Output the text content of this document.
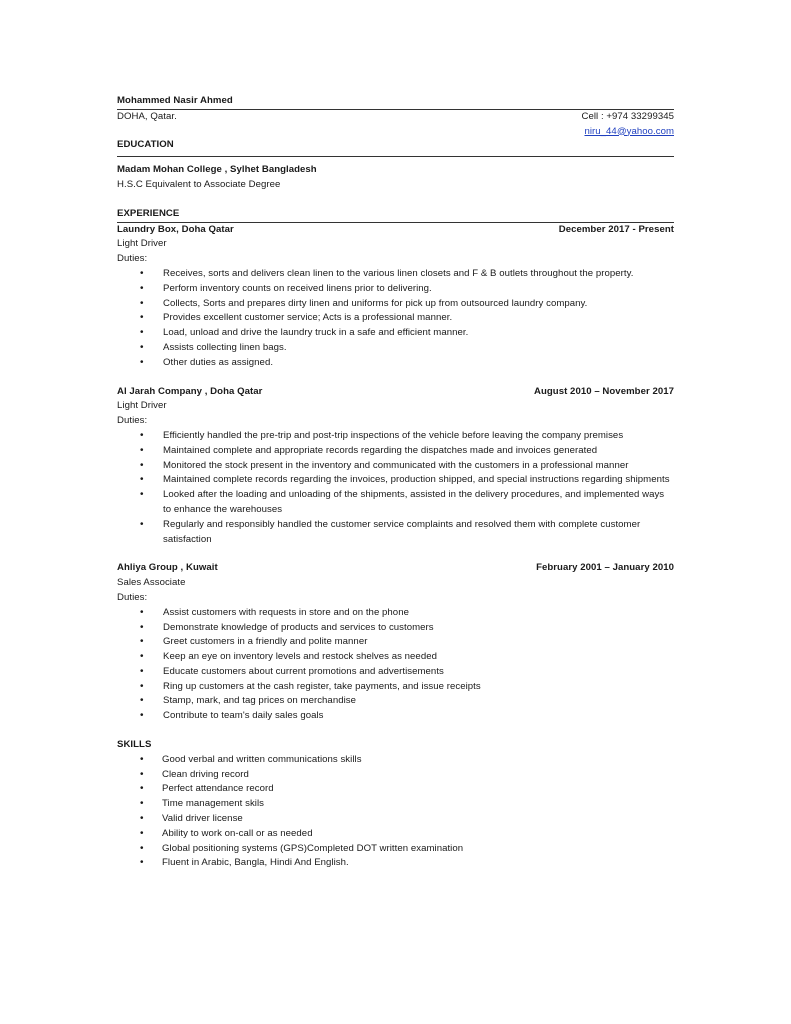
Mohammed Nasir Ahmed
DOHA, Qatar.	Cell : +974 33299345
niru_44@yahoo.com
EDUCATION
Madam Mohan College , Sylhet Bangladesh
H.S.C Equivalent to Associate Degree
EXPERIENCE
Laundry Box, Doha Qatar	December 2017 - Present
Light Driver
Duties:
• Receives, sorts and delivers clean linen to the various linen closets and F & B outlets throughout the property.
• Perform inventory counts on received linens prior to delivering.
• Collects, Sorts and prepares dirty linen and uniforms for pick up from outsourced laundry company.
• Provides excellent customer service; Acts is a professional manner.
• Load, unload and drive the laundry truck in a safe and efficient manner.
• Assists collecting linen bags.
• Other duties as assigned.
Al Jarah Company , Doha Qatar	August 2010 – November 2017
Light Driver
Duties:
• Efficiently handled the pre-trip and post-trip inspections of the vehicle before leaving the company premises
• Maintained complete and appropriate records regarding the dispatches made and invoices generated
• Monitored the stock present in the inventory and communicated with the customers in a professional manner
• Maintained complete records regarding the invoices, production shipped, and special instructions regarding shipments
• Looked after the loading and unloading of the shipments, assisted in the delivery procedures, and implemented ways to enhance the warehouses
• Regularly and responsibly handled the customer service complaints and resolved them with complete customer satisfaction
Ahliya Group , Kuwait	February 2001 – January 2010
Sales Associate
Duties:
• Assist customers with requests in store and on the phone
• Demonstrate knowledge of products and services to customers
• Greet customers in a friendly and polite manner
• Keep an eye on inventory levels and restock shelves as needed
• Educate customers about current promotions and advertisements
• Ring up customers at the cash register, take payments, and issue receipts
• Stamp, mark, and tag prices on merchandise
• Contribute to team's daily sales goals
SKILLS
• Good verbal and written communications skills
• Clean driving record
• Perfect attendance record
• Time management skils
• Valid driver license
• Ability to work on-call or as needed
• Global positioning systems (GPS)Completed DOT written examination
• Fluent in Arabic, Bangla, Hindi And English.
